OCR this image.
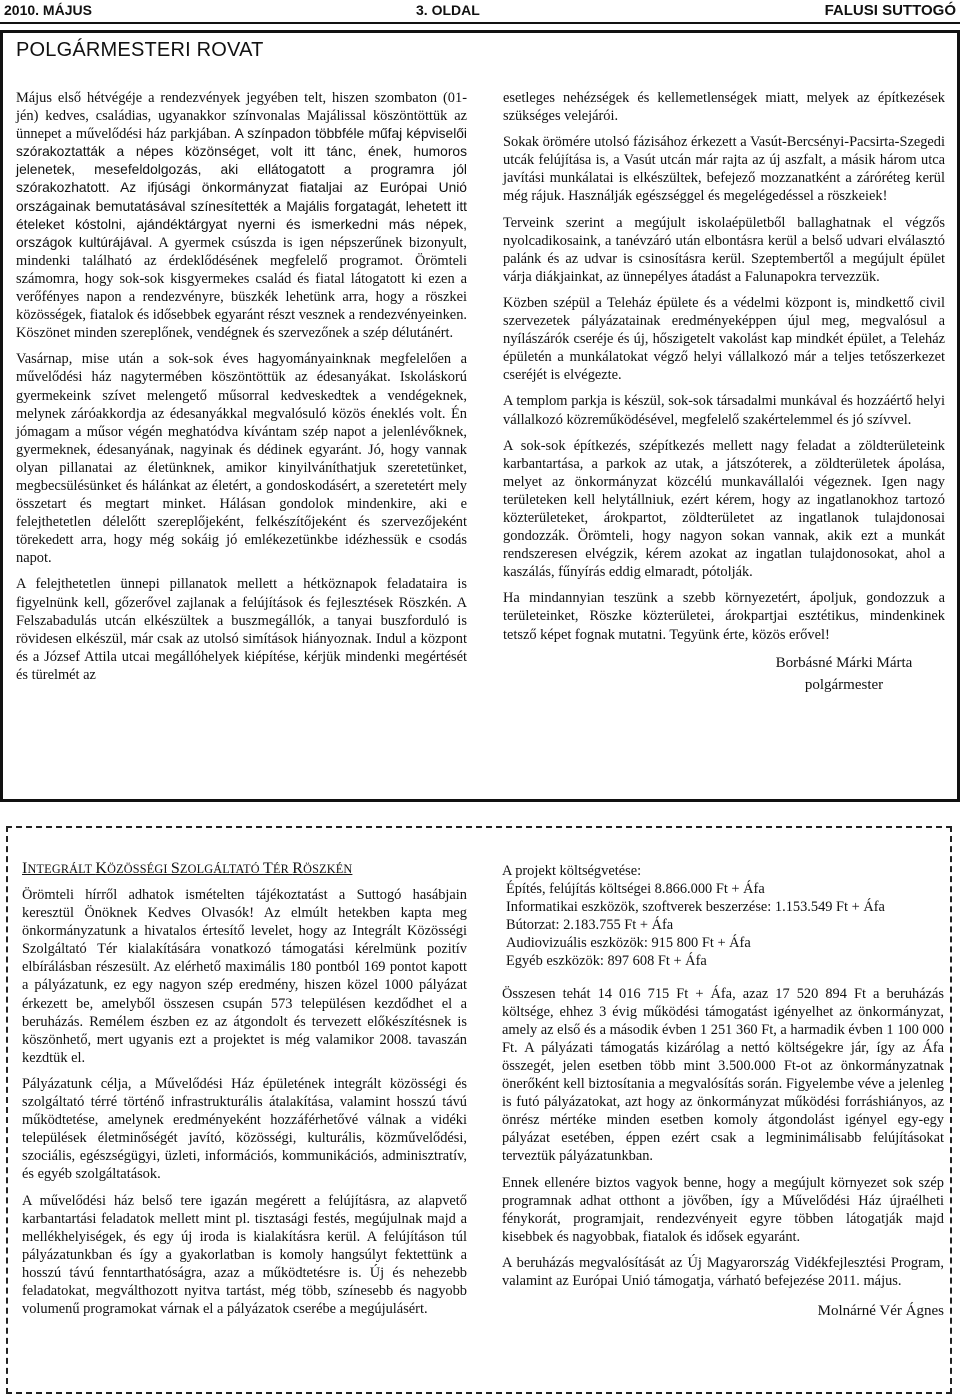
2010. MÁJUS	3. OLDAL	FALUSI SUTTOGÓ
POLGÁRMESTERI ROVAT

Május első hétvégéje a rendezvények jegyében telt, hiszen szombaton (01-jén) kedves, családias, ugyanakkor színvonalas Majálissal köszöntöttük az ünnepet a művelődési ház parkjában. A színpadon többféle műfaj képviselői szórakoztatták a népes közönséget, volt itt tánc, ének, humoros jelenetek, mesefeldolgozás, aki ellátogatott a programra jól szórakozhatott. Az ifjúsági önkormányzat fiataljai az Európai Unió országainak bemutatásával színesítették a Majális forgatagát, lehetett itt ételeket kóstolni, ajándéktárgyat nyerni és ismerkedni más népek, országok kultúrájával. A gyermek csúszda is igen népszerűnek bizonyult, mindenki található az érdeklődésének megfelelő programot. Örömteli számomra, hogy sok-sok kisgyermekes család és fiatal látogatott ki ezen a verőfényes napon a rendezvényre, büszkék lehetünk arra, hogy a röszkei közösségek, fiatalok és idősebbek egyaránt részt vesznek a rendezvényeinken. Köszönet minden szereplőnek, vendégnek és szervezőnek a szép délutánért.

Vasárnap, mise után a sok-sok éves hagyományainknak megfelelően a művelődési ház nagytermében köszöntöttük az édesanyákat. Iskoláskorú gyermekeink szívet melengető műsorral kedveskedtek a vendégeknek, melynek záróakkordja az édesanyákkal megvalósuló közös éneklés volt. Én jómagam a műsor végén meghatódva kívántam szép napot a jelenlévőknek, gyermeknek, édesanyának, nagyinak és dédinek egyaránt. Jó, hogy vannak olyan pillanatai az életünknek, amikor kinyilváníthatjuk szeretetünket, megbecsülésünket és hálánkat az életért, a gondoskodásért, a szeretetért mely összetart és megtart minket. Hálásan gondolok mindenkire, aki e felejthetetlen délelőtt szereplőjeként, felkészítőjeként és szervezőjeként törekedett arra, hogy még sokáig jó emlékezetünkbe idézhessük e csodás napot.

A felejthetetlen ünnepi pillanatok mellett a hétköznapok feladataira is figyelnünk kell, gőzerővel zajlanak a felújítások és fejlesztések Röszkén. A Felszabadulás utcán elkészültek a buszmegállók, a tanyai buszforduló is rövidesen elkészül, már csak az utolsó simítások hiányoznak. Indul a központ és a József Attila utcai megállóhelyek kiépítése, kérjük mindenki megértését és türelmét az

esetleges nehézségek és kellemetlenségek miatt, melyek az építkezések szükséges velejárói.

Sokak örömére utolsó fázisához érkezett a Vasút-Bercsényi-Pacsirta-Szegedi utcák felújítása is, a Vasút utcán már rajta az új aszfalt, a másik három utca javítási munkálatai is elkészültek, befejező mozzanatként a záróréteg kerül még rájuk. Használják egészséggel és megelégedéssel a röszkeiek!

Terveink szerint a megújult iskolaépületből ballaghatnak el végzős nyolcadikosaink, a tanévzáró után elbontásra kerül a belső udvari elválasztó palánk és az udvar is csinosításra kerül. Szeptembertől a megújult épület várja diákjainkat, az ünnepélyes átadást a Falunapokra tervezzük.

Közben szépül a Teleház épülete és a védelmi központ is, mindkettő civil szervezetek pályázatainak eredményeképpen újul meg, megvalósul a nyílászárók cseréje és új, hőszigetelt vakolást kap mindkét épület, a Teleház épületén a munkálatokat végző helyi vállalkozó már a teljes tetőszerkezet cseréjét is elvégezte.

A templom parkja is készül, sok-sok társadalmi munkával és hozzáértő helyi vállalkozó közreműködésével, megfelelő szakértelemmel és jó szívvel.

A sok-sok építkezés, szépítkezés mellett nagy feladat a zöldterületeink karbantartása, a parkok az utak, a játszóterek, a zöldterületek ápolása, melyet az önkormányzat közcélú munkavállalói végeznek. Igen nagy területeken kell helytállniuk, ezért kérem, hogy az ingatlanokhoz tartozó közterületeket, árokpartot, zöldterületet az ingatlanok tulajdonosai gondozzák. Örömteli, hogy nagyon sokan vannak, akik ezt a munkát rendszeresen elvégzik, kérem azokat az ingatlan tulajdonosokat, ahol a kaszálás, fűnyírás eddig elmaradt, pótolják.

Ha mindannyian teszünk a szebb környezetért, ápoljuk, gondozzuk a területeinket, Röszke közterületei, árokpartjai esztétikus, mindenkinek tetsző képet fognak mutatni. Tegyünk érte, közös erővel!

Borbásné Márki Márta
polgármester
INTEGRÁLT KÖZÖSSÉGI SZOLGÁLTATÓ TÉR RÖSZKÉN

Örömteli hírről adhatok ismételten tájékoztatást a Suttogó hasábjain keresztül Önöknek Kedves Olvasók! Az elmúlt hetekben kapta meg önkormányzatunk a hivatalos értesítő levelet, hogy az Integrált Közösségi Szolgáltató Tér kialakítására vonatkozó támogatási kérelmünk pozitív elbírálásban részesült. Az elérhető maximális 180 pontból 169 pontot kapott a pályázatunk, ez egy nagyon szép eredmény, hiszen közel 1000 pályázat érkezett be, amelyből összesen csupán 573 településen kezdődhet el a beruházás. Remélem észben ez az átgondolt és tervezett előkészítésnek is köszönhető, mert ugyanis ezt a projektet is még valamikor 2008. tavaszán kezdtük el.

Pályázatunk célja, a Művelődési Ház épületének integrált közösségi és szolgáltató térré történő infrastrukturális átalakítása, valamint hosszú távú működtetése, amelynek eredményeként hozzáférhetővé válnak a vidéki települések életminőségét javító, közösségi, kulturális, közművelődési, szociális, egészségügyi, üzleti, információs, kommunikációs, adminisztratív, és egyéb szolgáltatások.

A művelődési ház belső tere igazán megérett a felújításra, az alapvető karbantartási feladatok mellett mint pl. tisztasági festés, megújulnak majd a mellékhelyiségek, és egy új iroda is kialakításra kerül. A felújításon túl pályázatunkban és így a gyakorlatban is komoly hangsúlyt fektettünk a hosszú távú fenntarthatóságra, azaz a működtetésre is. Új és nehezebb feladatokat, megválthozott nyitva tartást, még több, színesebb és nagyobb volumenű programokat várnak el a pályázatok cserébe a megújulásért.

A projekt költségvetése:
Építés, felújítás költségei 8.866.000 Ft + Áfa
Informatikai eszközök, szoftverek beszerzése: 1.153.549 Ft + Áfa
Bútorzat: 2.183.755 Ft + Áfa
Audiovizuális eszközök: 915 800 Ft + Áfa
Egyéb eszközök: 897 608 Ft + Áfa

Összesen tehát 14 016 715 Ft + Áfa, azaz 17 520 894 Ft a beruházás költsége, ehhez 3 évig működési támogatást igényelhet az önkormányzat, amely az első és a második évben 1 251 360 Ft, a harmadik évben 1 100 000 Ft. A pályázati támogatás kizárólag a nettó költségekre jár, így az Áfa összegét, jelen esetben több mint 3.500.000 Ft-ot az önkormányzatnak önerőként kell biztosítania a megvalósítás során. Figyelembe véve a jelenleg is futó pályázatokat, azt hogy az önkormányzat működési forráshiányos, az önrész mértéke minden esetben komoly átgondolást igényel egy-egy pályázat esetében, éppen ezért csak a legminimálisabb felújításokat terveztük pályázatunkban.

Ennek ellenére biztos vagyok benne, hogy a megújult környezet sok szép programnak adhat otthont a jövőben, így a Művelődési Ház újraélheti fénykorát, programjait, rendezvényeit egyre többen látogatják majd kisebbek és nagyobbak, fiatalok és idősek egyaránt.

A beruházás megvalósítását az Új Magyarország Vidékfejlesztési Program, valamint az Európai Unió támogatja, várható befejezése 2011. május.

Molnárné Vér Ágnes
